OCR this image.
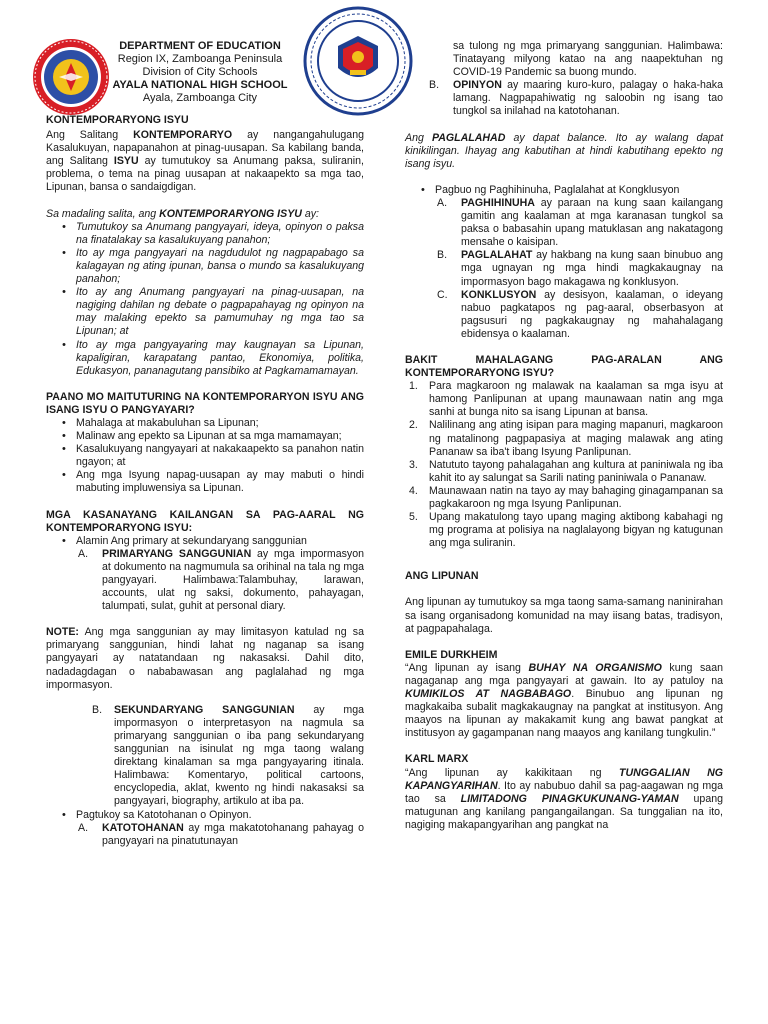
DEPARTMENT OF EDUCATION
Region IX, Zamboanga Peninsula
Division of City Schools
AYALA NATIONAL HIGH SCHOOL
Ayala, Zamboanga City
KONTEMPORARYONG ISYU

Ang Salitang KONTEMPORARYO ay nangangahulugang Kasalukuyan, napapanahon at pinag-uusapan. Sa kabilang banda, ang Salitang ISYU ay tumutukoy sa Anumang paksa, suliranin, problema, o tema na pinag uusapan at nakaapekto sa mga tao, Lipunan, bansa o sandaigdigan.

Sa madaling salita, ang KONTEMPORARYONG ISYU ay:

• Tumutukoy sa Anumang pangyayari, ideya, opinyon o paksa na finatalakay sa kasalukuyang panahon;
• Ito ay mga pangyayari na nagdudulot ng nagpapabago sa kalagayan ng ating ipunan, bansa o mundo sa kasalukuyang panahon;
• Ito ay ang Anumang pangyayari na pinag-uusapan, na nagiging dahilan ng debate o pagpapahayag ng opinyon na may malaking epekto sa pamumuhay ng mga tao sa Lipunan; at
• Ito ay mga pangyayaring may kaugnayan sa Lipunan, kapaligiran, karapatang pantao, Ekonomiya, politika, Edukasyon, pananagutang pansibiko at Pagkamamamayan.
PAANO MO MAITUTURING NA KONTEMPORARYON ISYU ANG ISANG ISYU O PANGYAYARI?
• Mahalaga at makabuluhan sa Lipunan;
• Malinaw ang epekto sa Lipunan at sa mga mamamayan;
• Kasalukuyang nangyayari at nakakaapekto sa panahon natin ngayon; at
• Ang mga Isyung napag-uusapan ay may mabuti o hindi mabuting impluwensiya sa Lipunan.
MGA KASANAYANG KAILANGAN SA PAG-AARAL NG KONTEMPORARYONG ISYU:
• Alamin Ang primary at sekundaryang sanggunian
A. PRIMARYANG SANGGUNIAN ay mga impormasyon at dokumento na nagmumula sa orihinal na tala ng mga pangyayari. Halimbawa:Talambuhay, larawan, accounts, ulat ng saksi, dokumento, pahayagan, talumpati, sulat, guhit at personal diary.

NOTE: Ang mga sanggunian ay may limitasyon katulad ng sa primaryang sanggunian, hindi lahat ng naganap sa isang pangyayari ay natatandaan ng nakasaksi. Dahil dito, nadadagdagan o nababawasan ang paglalahad ng mga impormasyon.

B. SEKUNDARYANG SANGGUNIAN ay mga impormasyon o interpretasyon na nagmula sa primaryang sanggunian o iba pang sekundaryang sanggunian na isinulat ng mga taong walang direktang kinalaman sa mga pangyayaring itinala. Halimbawa: Komentaryo, political cartoons, encyclopedia, aklat, kwento ng hindi nakasaksi sa pangyayari, biography, artikulo at iba pa.
• Pagtukoy sa Katotohanan o Opinyon.
A. KATOTOHANAN ay mga makatotohanang pahayag o pangyayari na pinatutunayan
sa tulong ng mga primaryang sanggunian. Halimbawa: Tinatayang milyong katao na ang naapektuhan ng COVID-19 Pandemic sa buong mundo.
B. OPINYON ay maaring kuro-kuro, palagay o haka-haka lamang. Nagpapahiwatig ng saloobin ng isang tao tungkol sa inilahad na katotohanan.

Ang PAGLALAHAD ay dapat balance. Ito ay walang dapat kinikilingan. Ihayag ang kabutihan at hindi kabutihang epekto ng isang isyu.

• Pagbuo ng Paghihinuha, Paglalahat at Kongklusyon
A. PAGHIHINUHA ay paraan na kung saan kailangang gamitin ang kaalaman at mga karanasan tungkol sa paksa o babasahin upang matuklasan ang nakatagong mensahe o kaisipan.
B. PAGLALAHAT ay hakbang na kung saan binubuo ang mga ugnayan ng mga hindi magkakaugnay na impormasyon bago makagawa ng konklusyon.
C. KONKLUSYON ay desisyon, kaalaman, o ideyang nabuo pagkatapos ng pag-aaral, obserbasyon at pagsusuri ng pagkakaugnay ng mahahalagang ebidensya o kaalaman.
BAKIT MAHALAGANG PAG-ARALAN ANG KONTEMPORARYONG ISYU?
1. Para magkaroon ng malawak na kaalaman sa mga isyu at hamong Panlipunan at upang maunawaan natin ang mga sanhi at bunga nito sa isang Lipunan at bansa.
2. Nalilinang ang ating isipan para maging mapanuri, magkaroon ng matalinong pagpapasiya at maging malawak ang ating Pananaw sa iba't ibang Isyung Panlipunan.
3. Natututo tayong pahalagahan ang kultura at paniniwala ng iba kahit ito ay salungat sa Sarili nating paniniwala o Pananaw.
4. Maunawaan natin na tayo ay may bahaging ginagampanan sa pagkakaroon ng mga Isyung Panlipunan.
5. Upang makatulong tayo upang maging aktibong kabahagi ng mg programa at polisiya na naglalayong bigyan ng katugunan ang mga suliranin.
ANG LIPUNAN

Ang lipunan ay tumutukoy sa mga taong sama-samang naninirahan sa isang organisadong komunidad na may iisang batas, tradisyon, at pagpapahalaga.

EMILE DURKHEIM

“Ang lipunan ay isang BUHAY NA ORGANISMO kung saan nagaganap ang mga pangyayari at gawain. Ito ay patuloy na KUMIKILOS AT NAGBABAGO. Binubuo ang lipunan ng magkakaiba subalit magkakaugnay na pangkat at institusyon. Ang maayos na lipunan ay makakamit kung ang bawat pangkat at institusyon ay gagampanan nang maayos ang kanilang tungkulin.”

KARL MARX

“Ang lipunan ay kakikitaan ng TUNGGALIAN NG KAPANGYARIHAN. Ito ay nabubuo dahil sa pag-aagawan ng mga tao sa LIMITADONG PINAGKUKUNANG-YAMAN upang matugunan ang kanilang pangangailangan. Sa tunggalian na ito, nagiging makapangyarihan ang pangkat na
